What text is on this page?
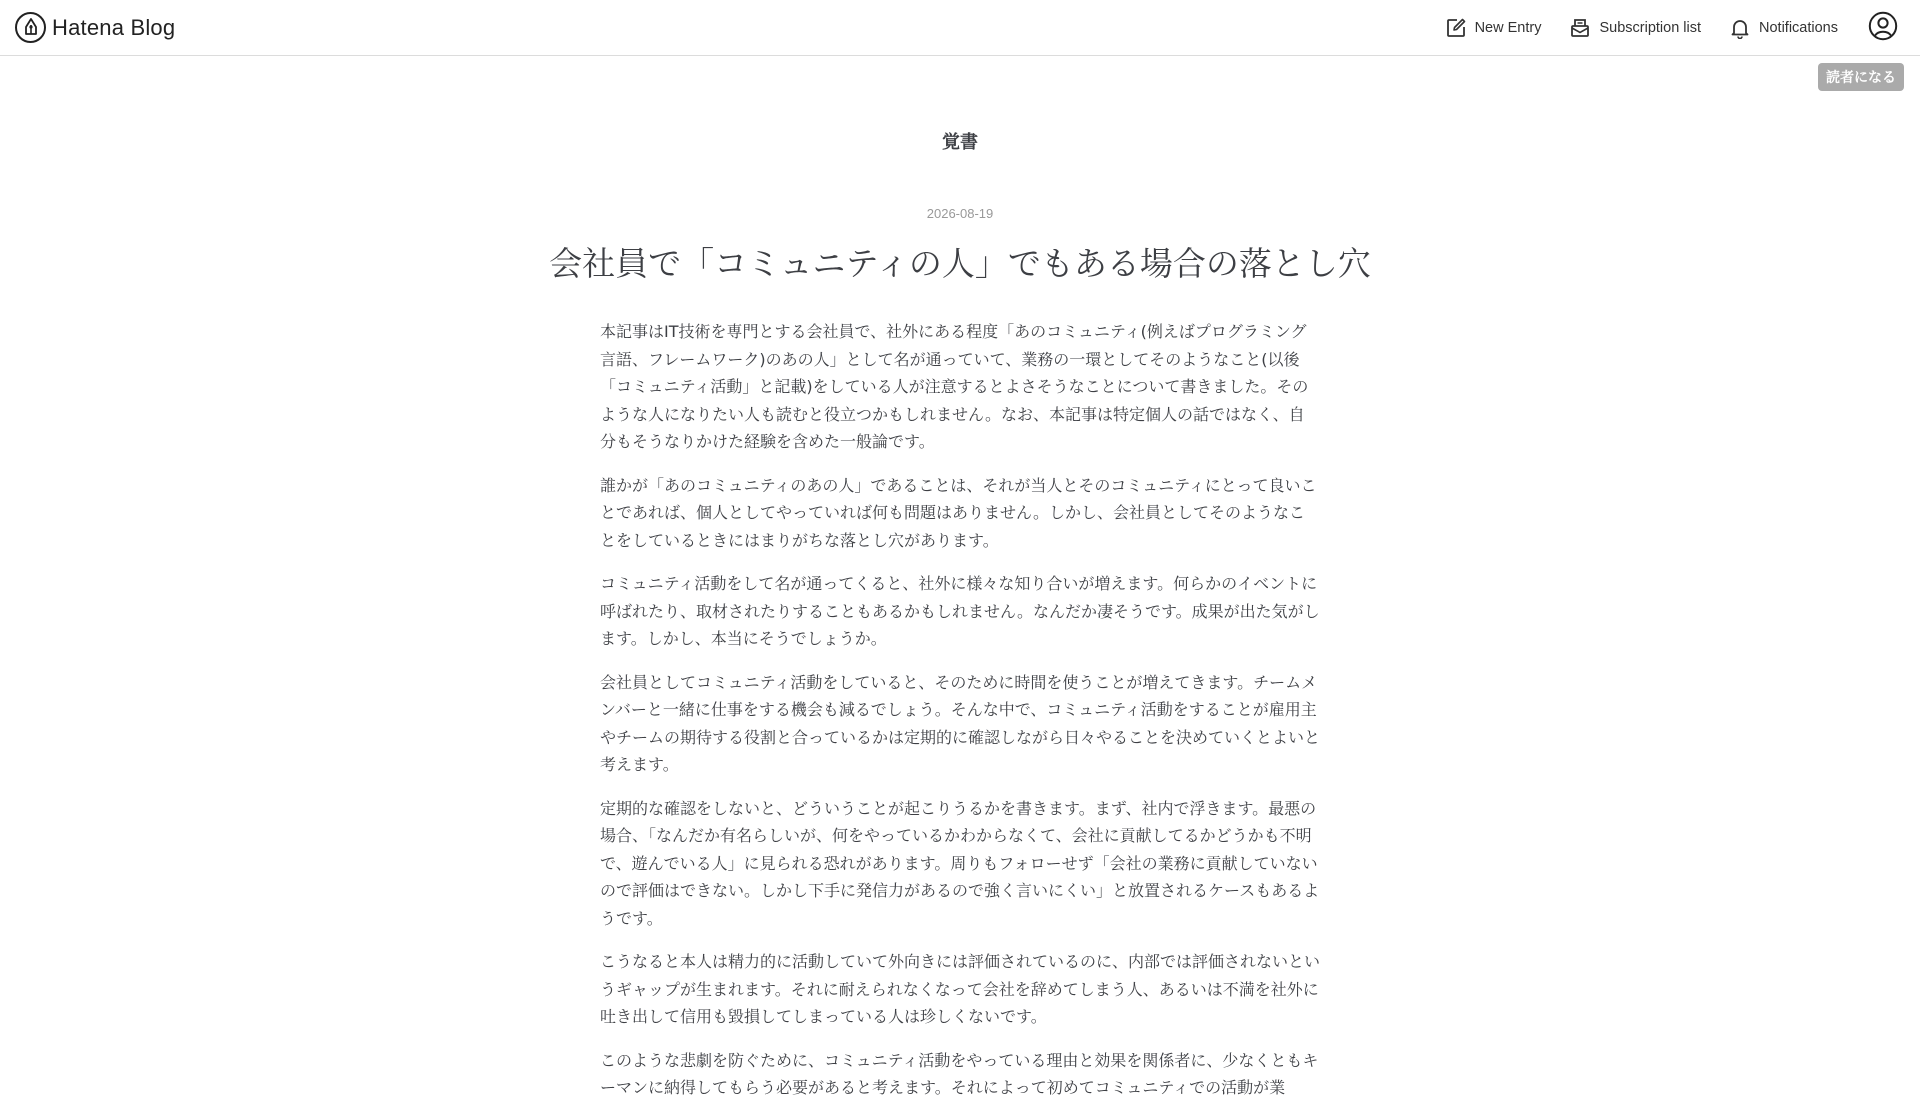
Hatena Blog	New Entry	Subscription list	Notifications
読者になる
覚書
2026-08-19
会社員で「コミュニティの人」でもある場合の落とし穴

本記事はIT技術を専門とする会社員で、社外にある程度「あのコミュニティ(例えばプログラミング言語、フレームワーク)のあの人」として名が通っていて、業務の一環としてそのようなこと(以後「コミュニティ活動」と記載)をしている人が注意するとよさそうなことについて書きました。そのような人になりたい人も読むと役立つかもしれません。なお、本記事は特定個人の話ではなく、自分もそうなりかけた経験を含めた一般論です。

誰かが「あのコミュニティのあの人」であることは、それが当人とそのコミュニティにとって良いことであれば、個人としてやっていれば何も問題はありません。しかし、会社員としてそのようなことをしているときにはまりがちな落とし穴があります。

コミュニティ活動をして名が通ってくると、社外に様々な知り合いが増えます。何らかのイベントに呼ばれたり、取材されたりすることもあるかもしれません。なんだか凄そうです。成果が出た気がします。しかし、本当にそうでしょうか。

会社員としてコミュニティ活動をしていると、そのために時間を使うことが増えてきます。チームメンバーと一緒に仕事をする機会も減るでしょう。そんな中で、コミュニティ活動をすることが雇用主やチームの期待する役割と合っているかは定期的に確認しながら日々やることを決めていくとよいと考えます。

定期的な確認をしないと、どういうことが起こりうるかを書きます。まず、社内で浮きます。最悪の場合、「なんだか有名らしいが、何をやっているかわからなくて、会社に貢献してるかどうかも不明で、遊んでいる人」に見られる恐れがあります。周りもフォローせず「会社の業務に貢献していないので評価はできない。しかし下手に発信力があるので強く言いにくい」と放置されるケースもあるようです。

こうなると本人は精力的に活動していて外向きには評価されているのに、内部では評価されないというギャップが生まれます。それに耐えられなくなって会社を辞めてしまう人、あるいは不満を社外に吐き出して信用も毀損してしまっている人は珍しくないです。

このような悲劇を防ぐために、コミュニティ活動をやっている理由と効果を関係者に、少なくともキーマンに納得してもらう必要があると考えます。それによって初めてコミュニティでの活動が業
